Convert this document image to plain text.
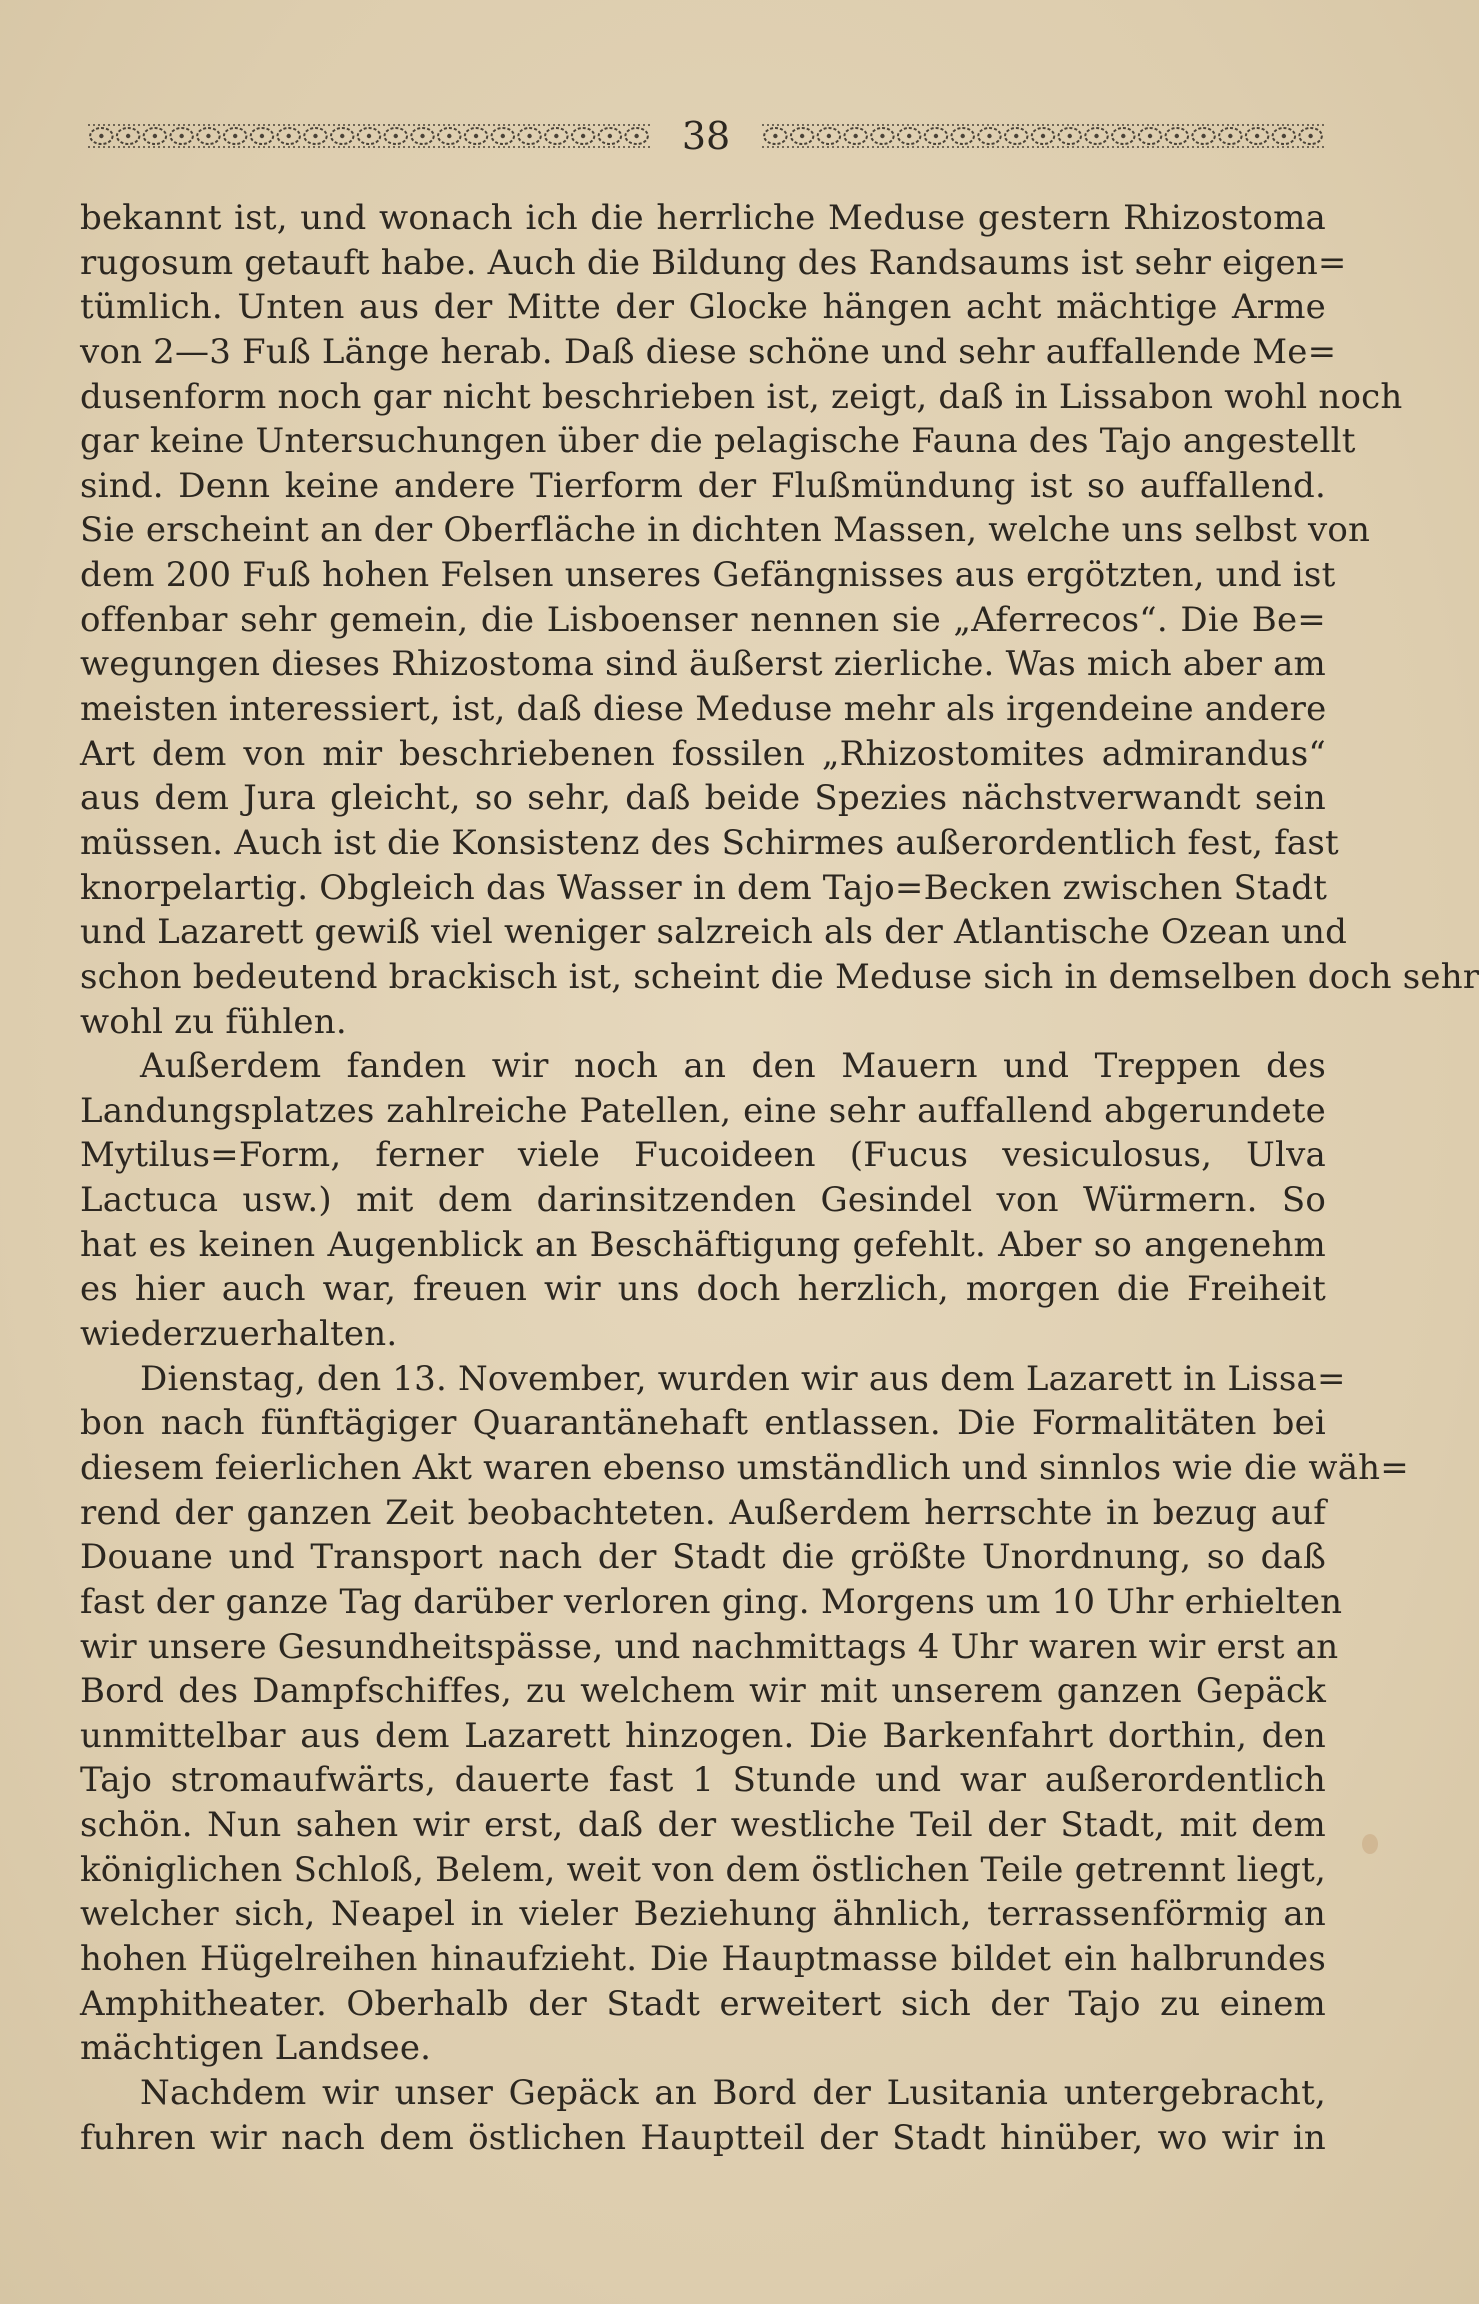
38
bekannt ist, und wonach ich die herrliche Meduse gestern Rhizostoma
rugosum getauft habe. Auch die Bildung des Randsaums ist sehr eigen=
tümlich. Unten aus der Mitte der Glocke hängen acht mächtige Arme
von 2—3 Fuß Länge herab. Daß diese schöne und sehr auffallende Me=
dusenform noch gar nicht beschrieben ist, zeigt, daß in Lissabon wohl noch
gar keine Untersuchungen über die pelagische Fauna des Tajo angestellt
sind. Denn keine andere Tierform der Flußmündung ist so auffallend.
Sie erscheint an der Oberfläche in dichten Massen, welche uns selbst von
dem 200 Fuß hohen Felsen unseres Gefängnisses aus ergötzten, und ist
offenbar sehr gemein, die Lisboenser nennen sie „Aferrecos“. Die Be=
wegungen dieses Rhizostoma sind äußerst zierliche. Was mich aber am
meisten interessiert, ist, daß diese Meduse mehr als irgendeine andere
Art dem von mir beschriebenen fossilen „Rhizostomites admirandus“
aus dem Jura gleicht, so sehr, daß beide Spezies nächstverwandt sein
müssen. Auch ist die Konsistenz des Schirmes außerordentlich fest, fast
knorpelartig. Obgleich das Wasser in dem Tajo=Becken zwischen Stadt
und Lazarett gewiß viel weniger salzreich als der Atlantische Ozean und
schon bedeutend brackisch ist, scheint die Meduse sich in demselben doch sehr
wohl zu fühlen.
Außerdem fanden wir noch an den Mauern und Treppen des
Landungsplatzes zahlreiche Patellen, eine sehr auffallend abgerundete
Mytilus=Form, ferner viele Fucoideen (Fucus vesiculosus, Ulva
Lactuca usw.) mit dem darinsitzenden Gesindel von Würmern. So
hat es keinen Augenblick an Beschäftigung gefehlt. Aber so angenehm
es hier auch war, freuen wir uns doch herzlich, morgen die Freiheit
wiederzuerhalten.
Dienstag, den 13. November, wurden wir aus dem Lazarett in Lissa=
bon nach fünftägiger Quarantänehaft entlassen. Die Formalitäten bei
diesem feierlichen Akt waren ebenso umständlich und sinnlos wie die wäh=
rend der ganzen Zeit beobachteten. Außerdem herrschte in bezug auf
Douane und Transport nach der Stadt die größte Unordnung, so daß
fast der ganze Tag darüber verloren ging. Morgens um 10 Uhr erhielten
wir unsere Gesundheitspässe, und nachmittags 4 Uhr waren wir erst an
Bord des Dampfschiffes, zu welchem wir mit unserem ganzen Gepäck
unmittelbar aus dem Lazarett hinzogen. Die Barkenfahrt dorthin, den
Tajo stromaufwärts, dauerte fast 1 Stunde und war außerordentlich
schön. Nun sahen wir erst, daß der westliche Teil der Stadt, mit dem
königlichen Schloß, Belem, weit von dem östlichen Teile getrennt liegt,
welcher sich, Neapel in vieler Beziehung ähnlich, terrassenförmig an
hohen Hügelreihen hinaufzieht. Die Hauptmasse bildet ein halbrundes
Amphitheater. Oberhalb der Stadt erweitert sich der Tajo zu einem
mächtigen Landsee.
Nachdem wir unser Gepäck an Bord der Lusitania untergebracht,
fuhren wir nach dem östlichen Hauptteil der Stadt hinüber, wo wir in
